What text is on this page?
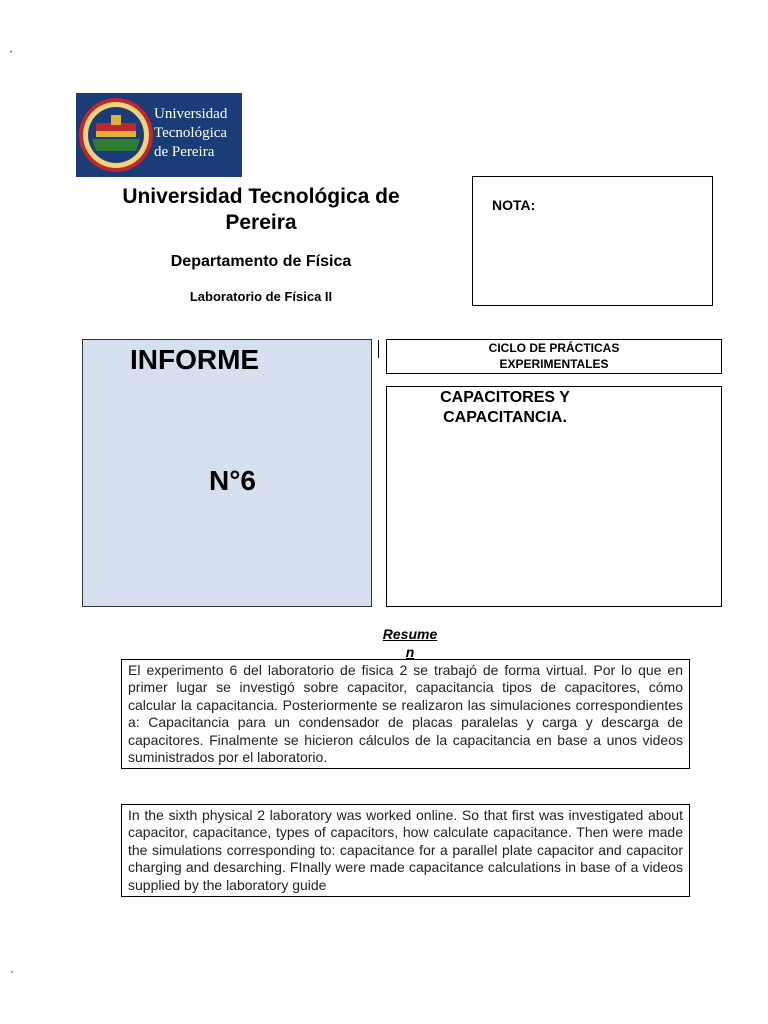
˴
·
Universidad
Tecnológica
de Pereira
Universidad Tecnológica de Pereira
Departamento de Física
Laboratorio de Física II
NOTA:
INFORME
N°6
CICLO DE PRÁCTICAS
EXPERIMENTALES
CAPACITORES Y
CAPACITANCIA.
Resumen
El experimento 6 del laboratorio de fisica 2 se trabajó de forma virtual. Por lo que en primer lugar se investigó sobre capacitor, capacitancia tipos de capacitores, cómo calcular la capacitancia. Posteriormente se realizaron las simulaciones correspondientes a: Capacitancia para un condensador de placas paralelas y carga y descarga de capacitores. Finalmente se hicieron cálculos de la capacitancia en base a unos videos suministrados por el laboratorio.
In the sixth physical 2 laboratory was worked online. So that first was investigated about capacitor, capacitance, types of capacitors, how calculate capacitance. Then were made the simulations corresponding to: capacitance for a parallel plate capacitor and capacitor charging and desarching. FInally were made capacitance calculations in base of a videos supplied by the laboratory guide
